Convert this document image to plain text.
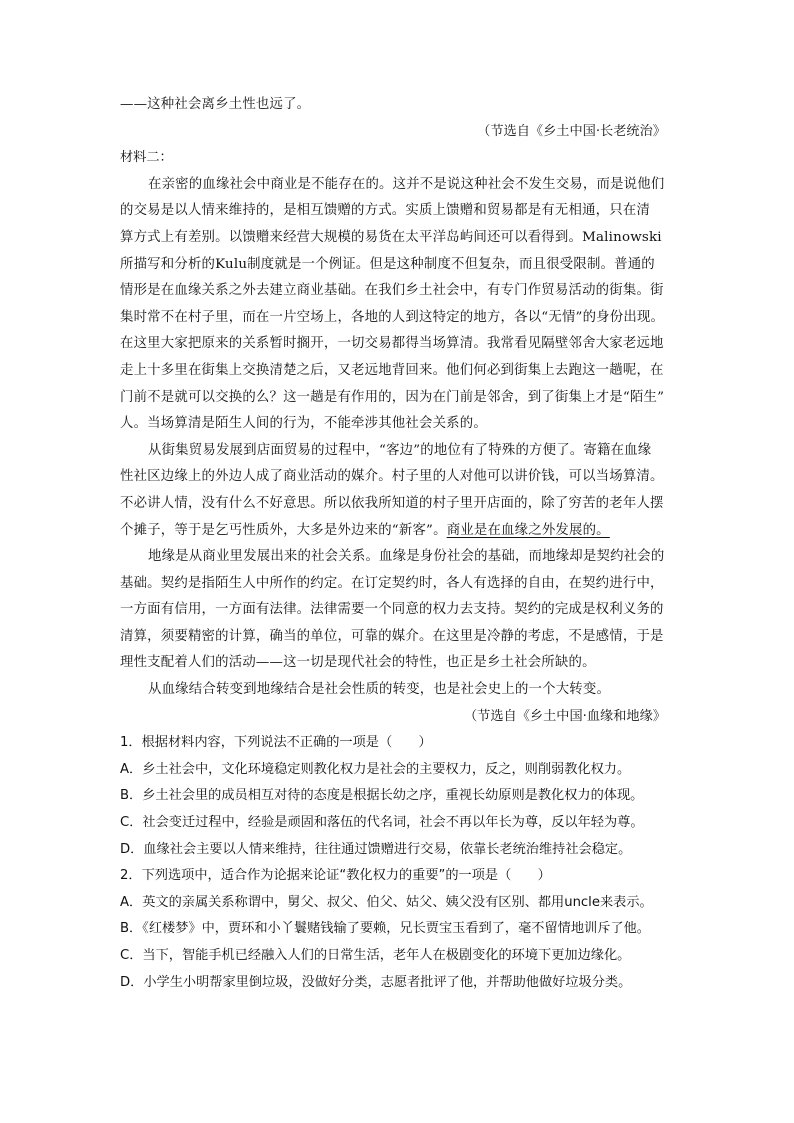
——这种社会离乡土性也远了。
（节选自《乡土中国·长老统治》
材料二：
在亲密的血缘社会中商业是不能存在的。这并不是说这种社会不发生交易，而是说他们
的交易是以人情来维持的，是相互馈赠的方式。实质上馈赠和贸易都是有无相通，只在清
算方式上有差别。以馈赠来经营大规模的易货在太平洋岛屿间还可以看得到。Malinowski
所描写和分析的Kulu制度就是一个例证。但是这种制度不但复杂，而且很受限制。普通的
情形是在血缘关系之外去建立商业基础。在我们乡土社会中，有专门作贸易活动的街集。街
集时常不在村子里，而在一片空场上，各地的人到这特定的地方，各以“无情”的身份出现。
在这里大家把原来的关系暂时搁开，一切交易都得当场算清。我常看见隔壁邻舍大家老远地
走上十多里在街集上交换清楚之后，又老远地背回来。他们何必到街集上去跑这一趟呢，在
门前不是就可以交换的么？这一趟是有作用的，因为在门前是邻舍，到了街集上才是“陌生”
人。当场算清是陌生人间的行为，不能牵涉其他社会关系的。
从街集贸易发展到店面贸易的过程中，“客边”的地位有了特殊的方便了。寄籍在血缘
性社区边缘上的外边人成了商业活动的媒介。村子里的人对他可以讲价钱，可以当场算清。
不必讲人情，没有什么不好意思。所以依我所知道的村子里开店面的，除了穷苦的老年人摆
个摊子，等于是乞丐性质外，大多是外边来的“新客”。商业是在血缘之外发展的。
地缘是从商业里发展出来的社会关系。血缘是身份社会的基础，而地缘却是契约社会的
基础。契约是指陌生人中所作的约定。在订定契约时，各人有选择的自由，在契约进行中，
一方面有信用，一方面有法律。法律需要一个同意的权力去支持。契约的完成是权利义务的
清算，须要精密的计算，确当的单位，可靠的媒介。在这里是冷静的考虑，不是感情，于是
理性支配着人们的活动——这一切是现代社会的特性，也正是乡土社会所缺的。
从血缘结合转变到地缘结合是社会性质的转变，也是社会史上的一个大转变。
（节选自《乡土中国·血缘和地缘》
1．根据材料内容，下列说法不正确的一项是（　　）
A．乡土社会中，文化环境稳定则教化权力是社会的主要权力，反之，则削弱教化权力。
B．乡土社会里的成员相互对待的态度是根据长幼之序，重视长幼原则是教化权力的体现。
C．社会变迁过程中，经验是顽固和落伍的代名词，社会不再以年长为尊，反以年轻为尊。
D．血缘社会主要以人情来维持，往往通过馈赠进行交易，依靠长老统治维持社会稳定。
2．下列选项中，适合作为论据来论证“教化权力的重要”的一项是（　　）
A．英文的亲属关系称谓中，舅父、叔父、伯父、姑父、姨父没有区别、都用uncle来表示。
B．《红楼梦》中，贾环和小丫鬟赌钱输了要赖，兄长贾宝玉看到了，毫不留情地训斥了他。
C．当下，智能手机已经融入人们的日常生活，老年人在极剧变化的环境下更加边缘化。
D．小学生小明帮家里倒垃圾，没做好分类，志愿者批评了他，并帮助他做好垃圾分类。
